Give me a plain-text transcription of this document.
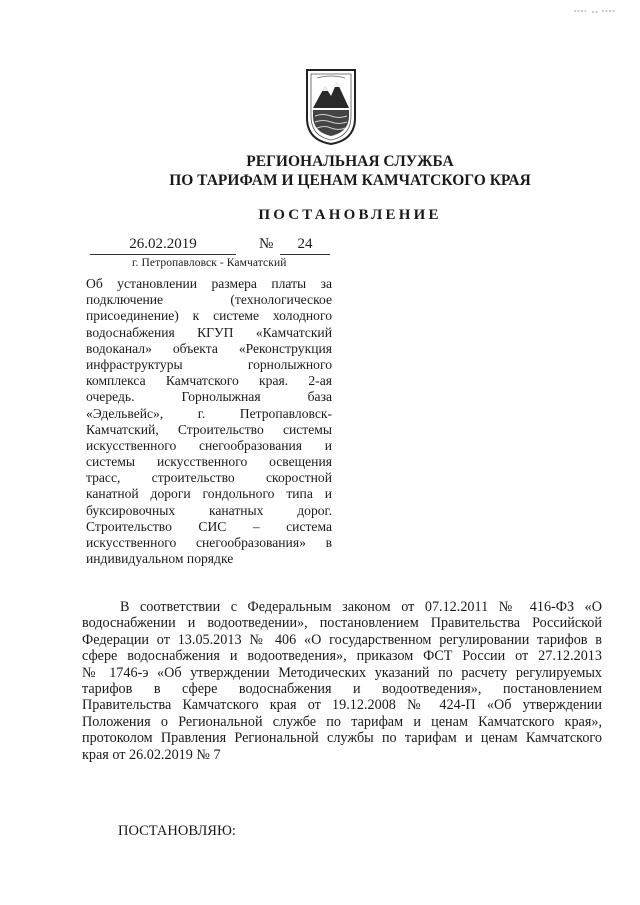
РЕГИОНАЛЬНАЯ СЛУЖБА
ПО ТАРИФАМ И ЦЕНАМ КАМЧАТСКОГО КРАЯ
ПОСТАНОВЛЕНИЕ
26.02.2019	№	24
г. Петропавловск - Камчатский
Об установлении размера платы за
подключение (технологическое
присоединение) к системе холодного
водоснабжения КГУП «Камчатский
водоканал» объекта «Реконструкция
инфраструктуры горнолыжного
комплекса Камчатского края. 2-ая
очередь. Горнолыжная база
«Эдельвейс», г. Петропавловск-
Камчатский, Строительство системы
искусственного снегообразования и
системы искусственного освещения
трасс, строительство скоростной
канатной дороги гондольного типа и
буксировочных канатных дорог.
Строительство СИС – система
искусственного снегообразования» в
индивидуальном порядке
В соответствии с Федеральным законом от 07.12.2011 № 416-ФЗ «О
водоснабжении и водоотведении», постановлением Правительства Российской
Федерации от 13.05.2013 № 406 «О государственном регулировании тарифов в
сфере водоснабжения и водоотведения», приказом ФСТ России от 27.12.2013
№ 1746-э «Об утверждении Методических указаний по расчету регулируемых
тарифов в сфере водоснабжения и водоотведения», постановлением
Правительства Камчатского края от 19.12.2008 № 424-П «Об утверждении
Положения о Региональной службе по тарифам и ценам Камчатского края»,
протоколом Правления Региональной службы по тарифам и ценам Камчатского
края от 26.02.2019 № 7
ПОСТАНОВЛЯЮ:
